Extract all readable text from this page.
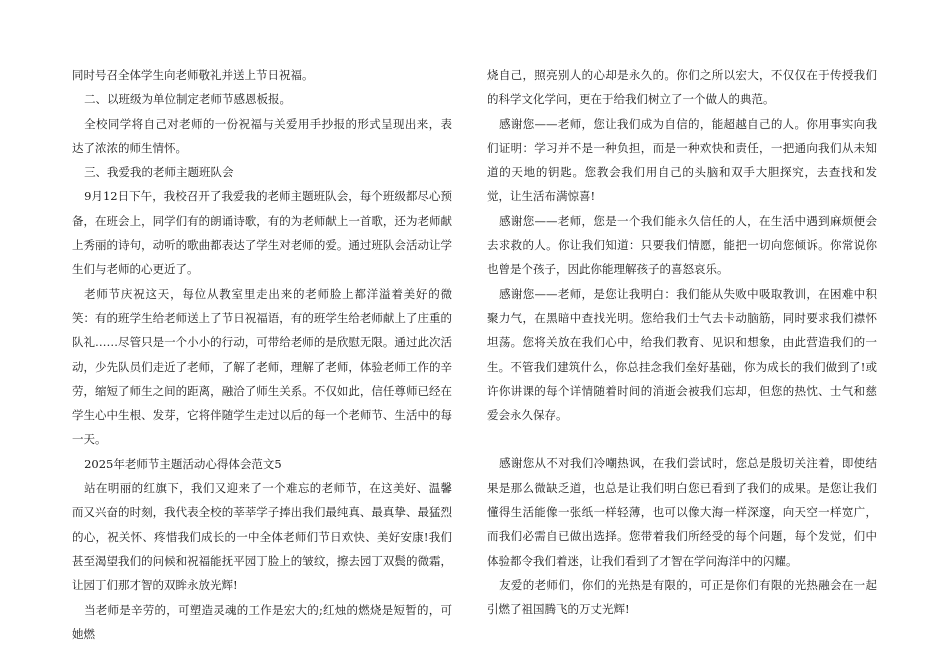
同时号召全体学生向老师敬礼并送上节日祝福。

二、以班级为单位制定老师节感恩板报。

全校同学将自己对老师的一份祝福与关爱用手抄报的形式呈现出来，表达了浓浓的师生情怀。

三、我爱我的老师主题班队会

9月12日下午，我校召开了我爱我的老师主题班队会，每个班级都尽心预备，在班会上，同学们有的朗诵诗歌，有的为老师献上一首歌，还为老师献上秀丽的诗句，动听的歌曲都表达了学生对老师的爱。通过班队会活动让学生们与老师的心更近了。

老师节庆祝这天，每位从教室里走出来的老师脸上都洋溢着美好的微笑：有的班学生给老师送上了节日祝福语，有的班学生给老师献上了庄重的队礼……尽管只是一个小小的行动，可带给老师的是欣慰无限。通过此次活动，少先队员们走近了老师，了解了老师，理解了老师，体验老师工作的辛劳，缩短了师生之间的距离，融洽了师生关系。不仅如此，信任尊师已经在学生心中生根、发芽，它将伴随学生走过以后的每一个老师节、生活中的每一天。

2025年老师节主题活动心得体会范文5

站在明丽的红旗下，我们又迎来了一个难忘的老师节，在这美好、温馨而又兴奋的时刻，我代表全校的莘莘学子捧出我们最纯真、最真挚、最猛烈的心，祝关怀、疼惜我们成长的一中全体老师们节日欢快、美好安康!我们甚至渴望我们的问候和祝福能抚平园丁脸上的皱纹，擦去园丁双鬓的微霜，让园丁们那才智的双眸永放光辉!

当老师是辛劳的，可塑造灵魂的工作是宏大的;红烛的燃烧是短暂的，可她燃

烧自己，照亮别人的心却是永久的。你们之所以宏大，不仅仅在于传授我们的科学文化学问，更在于给我们树立了一个做人的典范。

感谢您——老师，您让我们成为自信的，能超越自己的人。你用事实向我们证明：学习并不是一种负担，而是一种欢快和责任，一把通向我们从未知道的天地的钥匙。您教会我们用自己的头脑和双手大胆探究，去查找和发觉，让生活布满惊喜!

感谢您——老师，您是一个我们能永久信任的人，在生活中遇到麻烦便会去求救的人。你让我们知道：只要我们情愿，能把一切向您倾诉。你常说你也曾是个孩子，因此你能理解孩子的喜怒哀乐。

感谢您——老师，是您让我明白：我们能从失败中吸取教训，在困难中积聚力气，在黑暗中查找光明。您给我们士气去卡动脑筋，同时要求我们襟怀坦荡。您将关放在我们心中，给我们教育、见识和想象，由此营造我们的一生。不管我们建筑什么，你总挂念我们垒好基础，你为成长的我们做到了!或许你讲课的每个详情随着时间的消逝会被我们忘却，但您的热忱、士气和慈爱会永久保存。

感谢您从不对我们冷嘲热讽，在我们尝试时，您总是殷切关注着，即使结果是那么微缺乏道，也总是让我们明白您已看到了我们的成果。是您让我们懂得生活能像一张纸一样轻薄，也可以像大海一样深邃，向天空一样宽广，而我们必需自已做出选择。您带着我们所经受的每个问题，每个发觉，们中体验都令我们着迷，让我们看到了才智在学问海洋中的闪耀。

友爱的老师们，你们的光热是有限的，可正是你们有限的光热融会在一起引燃了祖国腾飞的万丈光辉!
